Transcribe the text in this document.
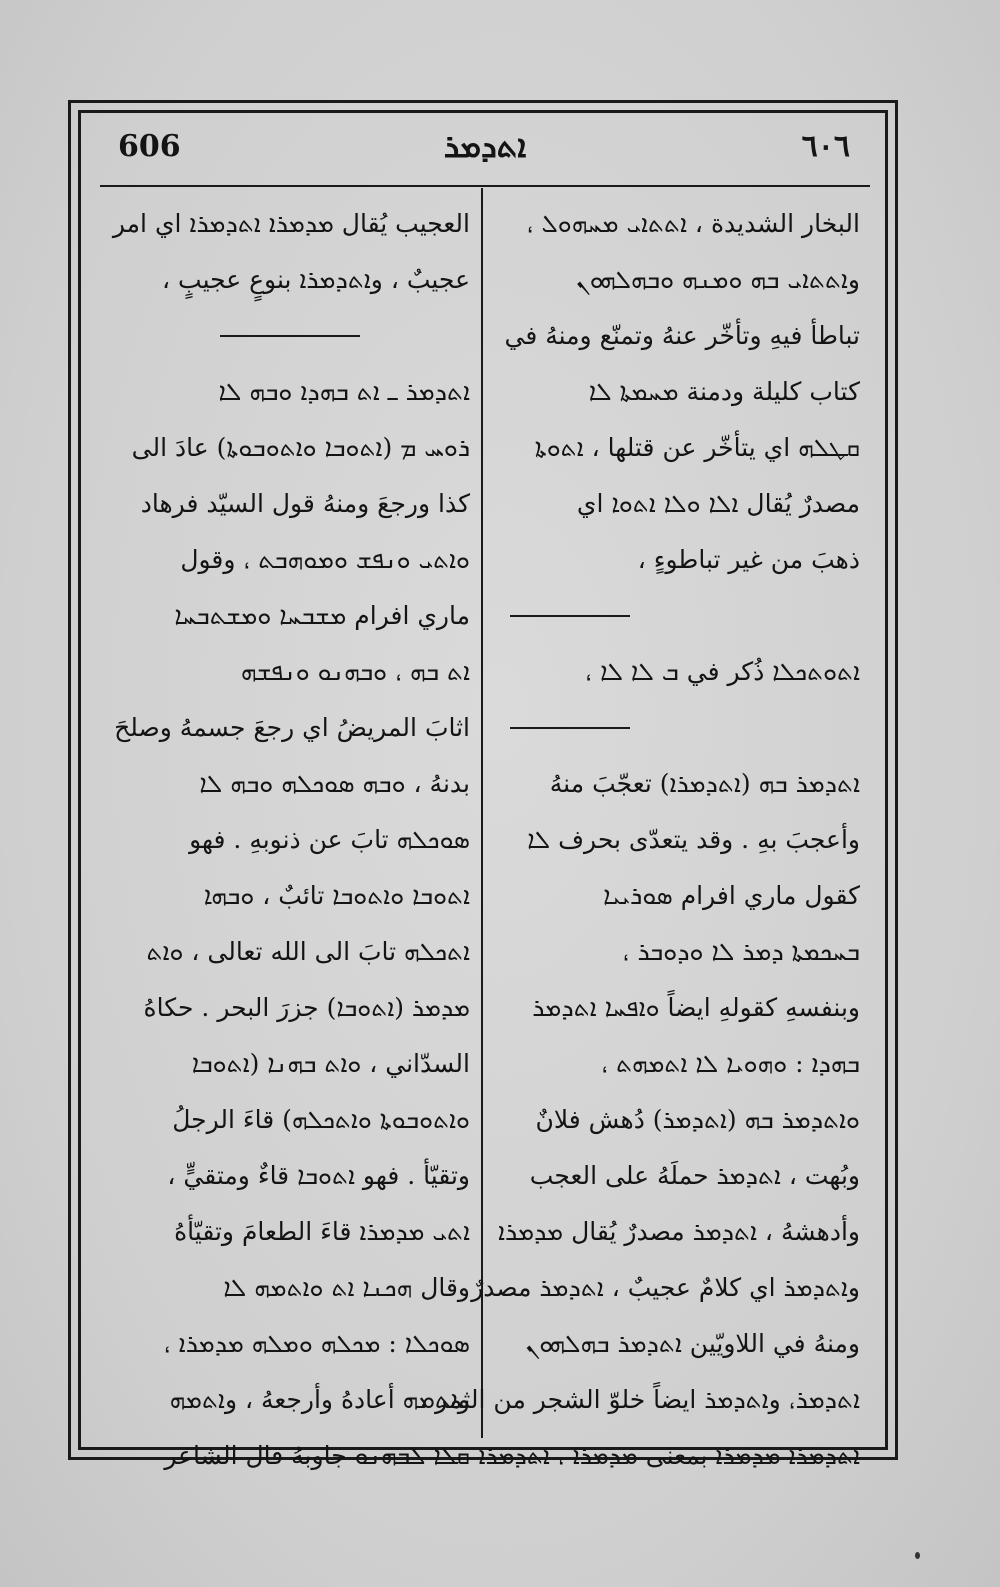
606	ܐܬܕܡܪ	٦٠٦
البخار الشديدة ، ܐܬܬܐܝ ܡܚܗܘܠ ،
وܐܬܬܐܝ ܒܗ ܘܡܢܗ ܘܒܗܠܗܘܢ
تباطأ فيهِ وتأخّر عنهُ وتمنّع ومنهُ في
كتاب كليلة ودمنة ܡܚܡܬܐ ܠܐ
ܩܛܠܗ اي يتأخّر عن قتلها ، ܐܬܘܬܐ
مصدرٌ يُقال ܐܠܐ ܘܠܐ ܐܬܘܐ اي
ذهبَ من غير تباطوءٍ ،
ܐܬܘܬܟܠܐ ذُكر في ܒ ܠܐ ܠܐ ،
ܐܬܕܡܪ ܒܗ (ܐܬܕܡܪܐ) تعجّبَ منهُ
وأعجبَ بهِ . وقد يتعدّى بحرف ܠܐ
كقول ماري افرام ܣܘܪܝܝܐ
ܒܚܟܡܬܐ ܕܡܪ ܠܐ ܘܕܘܒܪ ،
وبنفسهِ كقولهِ ايضاً ܘܐܦܚܐ ܐܬܕܡܪ
ܒܗܕܐ : ܘܗܘܝܐ ܠܐ ܐܬܡܗܬ ،
ܘܐܬܕܡܪ ܒܗ (ܐܬܕܡܪ) دُهش فلانٌ
وبُهت ، ܐܬܕܡܪ حملَهُ على العجب
وأدهشهُ ، ܐܬܕܡܪ مصدرٌ يُقال ܡܕܡܪܐ
وܐܬܕܡܪ اي كلامٌ عجيبٌ ، ܐܬܕܡܪ مصدرٌ
ومنهُ في اللاويّين ܐܬܕܡܪ ܒܗܠܗܘܢ
ܐܬܕܡܪ، وܐܬܕܡܪ ايضاً خلوّ الشجر من الثمر ،
ܐܬܕܡܪܐ ܡܕܡܪܐ بمعنى ܡܕܡܪܐ ، ܐܬܕܡܪܐ
العجيب يُقال ܡܕܡܪܐ ܐܬܕܡܪܐ اي امر
عجيبٌ ، وܐܬܕܡܪܐ بنوعٍ عجيبٍ ،
ܐܬܕܡܪ ـ ܐܬ ܒܗܕܐ ܘܒܗ ܠܐ
ܪܘܚ ܡ (ܐܬܘܒܐ ܘܐܬܘܒܘܬܐ) عادَ الى
كذا ورجعَ ومنهُ قول السيّد فرهاد
ܘܐܬܝ ܘܢܦܫ ܘܡܘܗܒܬ ، وقول
ماري افرام ܡܫܒܚܐ ܘܡܫܬܒܚܐ
ܐܬ ܒܗ ، ܘܒܗܢܘ ܘܢܦܫܗ
اثابَ المريضُ اي رجعَ جسمهُ وصلحَ
بدنهُ ، ܘܒܗ ܣܘܟܠܗ ܘܒܗ ܠܐ
ܣܘܟܠܗ تابَ عن ذنوبهِ . فهو
ܐܬܘܒܐ ܘܐܬܘܒܐ تائبٌ ، ܘܒܗܐ
ܐܬܟܠܗ تابَ الى الله تعالى ، ܘܐܬ
ܡܕܡܪ (ܐܬܘܒܐ) جزرَ البحر . حكاهُ
السدّاني ، ܘܐܬ ܒܗܢܐ (ܐܬܘܒܐ
ܘܐܬܘܒܘܬܐ ܘܐܬܟܠܗ) قاءَ الرجلُ
وتقيّأ . فهو ܐܬܘܒܐ قاءٌ ومتقيٍّ ،
ܐܬܝ ܡܕܡܪܐ قاءَ الطعامَ وتقيّأهُ
وقال ܗܟܢܐ ܐܬ ܘܐܬܡܗ ܠܐ
ܣܘܟܠܐ : ܡܟܠܗ ܘܡܠܗ ܡܕܡܪܐ ،
وܐܬܡܗ أعادهُ وأرجعهُ ، وܐܬܡܗ
ܩܠܐ ܠܒܗܢܘ جاوبهُ قال الشاعر
